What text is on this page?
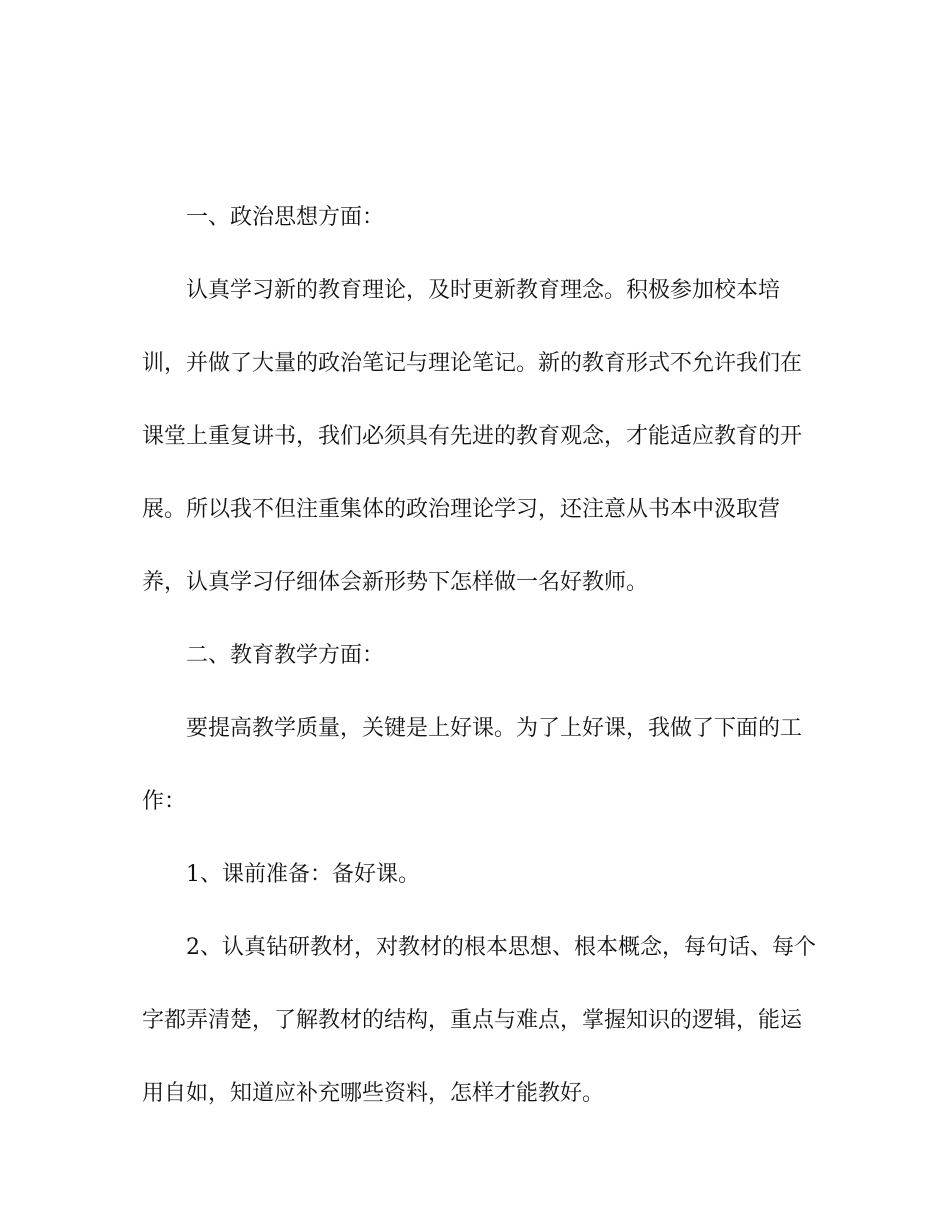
一、政治思想方面：
认真学习新的教育理论，及时更新教育理念。积极参加校本培
训，并做了大量的政治笔记与理论笔记。新的教育形式不允许我们在
课堂上重复讲书，我们必须具有先进的教育观念，才能适应教育的开
展。所以我不但注重集体的政治理论学习，还注意从书本中汲取营
养，认真学习仔细体会新形势下怎样做一名好教师。
二、教育教学方面：
要提高教学质量，关键是上好课。为了上好课，我做了下面的工
作：
1、课前准备：备好课。
2、认真钻研教材，对教材的根本思想、根本概念，每句话、每个
字都弄清楚，了解教材的结构，重点与难点，掌握知识的逻辑，能运
用自如，知道应补充哪些资料，怎样才能教好。
